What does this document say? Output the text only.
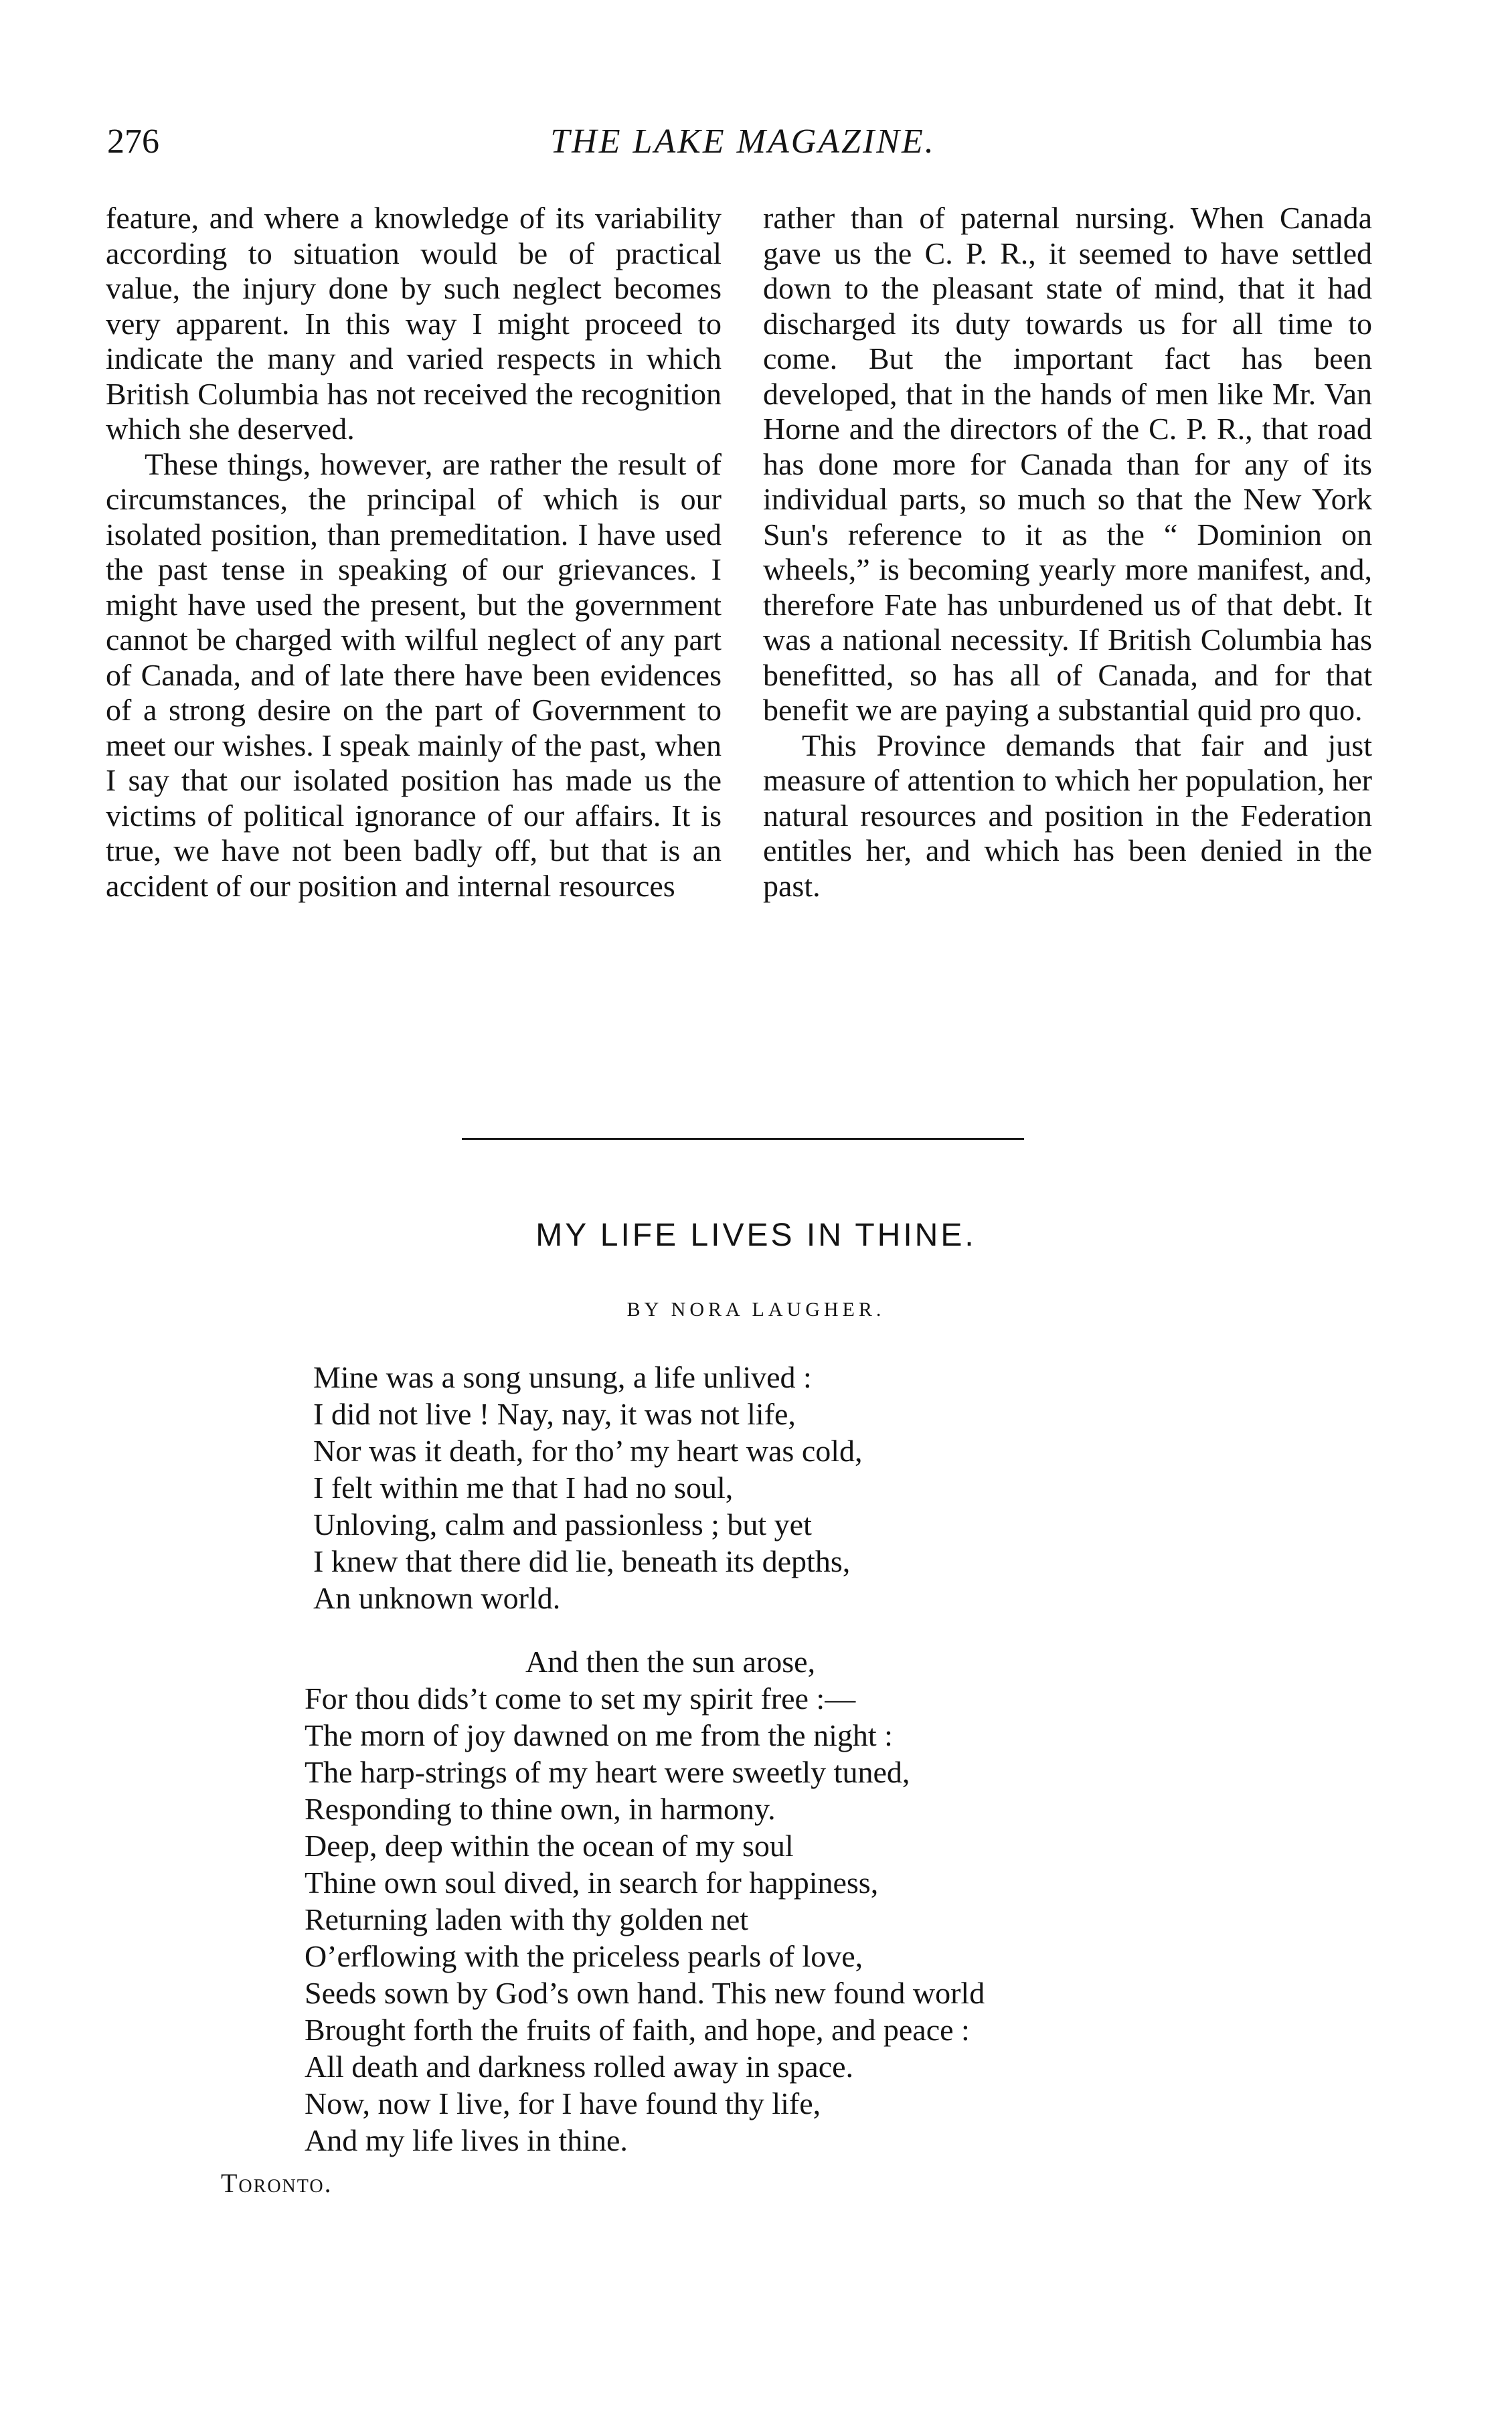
276	THE LAKE MAGAZINE.

feature, and where a knowledge of its variability according to situation would be of practical value, the injury done by such neglect becomes very apparent. In this way I might proceed to indicate the many and varied respects in which British Columbia has not received the recognition which she deserved.

These things, however, are rather the result of circumstances, the principal of which is our isolated position, than premeditation. I have used the past tense in speaking of our grievances. I might have used the present, but the government cannot be charged with wilful neglect of any part of Canada, and of late there have been evidences of a strong desire on the part of Government to meet our wishes. I speak mainly of the past, when I say that our isolated position has made us the victims of political ignorance of our affairs. It is true, we have not been badly off, but that is an accident of our position and internal resources

rather than of paternal nursing. When Canada gave us the C. P. R., it seemed to have settled down to the pleasant state of mind, that it had discharged its duty towards us for all time to come. But the important fact has been developed, that in the hands of men like Mr. Van Horne and the directors of the C. P. R., that road has done more for Canada than for any of its individual parts, so much so that the New York Sun's reference to it as the “ Dominion on wheels,” is becoming yearly more manifest, and, therefore Fate has unburdened us of that debt. It was a national necessity. If British Columbia has benefitted, so has all of Canada, and for that benefit we are paying a substantial quid pro quo.

This Province demands that fair and just measure of attention to which her population, her natural resources and position in the Federation entitles her, and which has been denied in the past.

MY LIFE LIVES IN THINE.
BY NORA LAUGHER.
Mine was a song unsung, a life unlived :
I did not live ! Nay, nay, it was not life,
Nor was it death, for tho’ my heart was cold,
I felt within me that I had no soul,
Unloving, calm and passionless ; but yet
I knew that there did lie, beneath its depths,
An unknown world.
And then the sun arose,
For thou dids’t come to set my spirit free :—
The morn of joy dawned on me from the night :
The harp-strings of my heart were sweetly tuned,
Responding to thine own, in harmony.
Deep, deep within the ocean of my soul
Thine own soul dived, in search for happiness,
Returning laden with thy golden net
O’erflowing with the priceless pearls of love,
Seeds sown by God’s own hand. This new found world
Brought forth the fruits of faith, and hope, and peace :
All death and darkness rolled away in space.
Now, now I live, for I have found thy life,
And my life lives in thine.
Toronto.
